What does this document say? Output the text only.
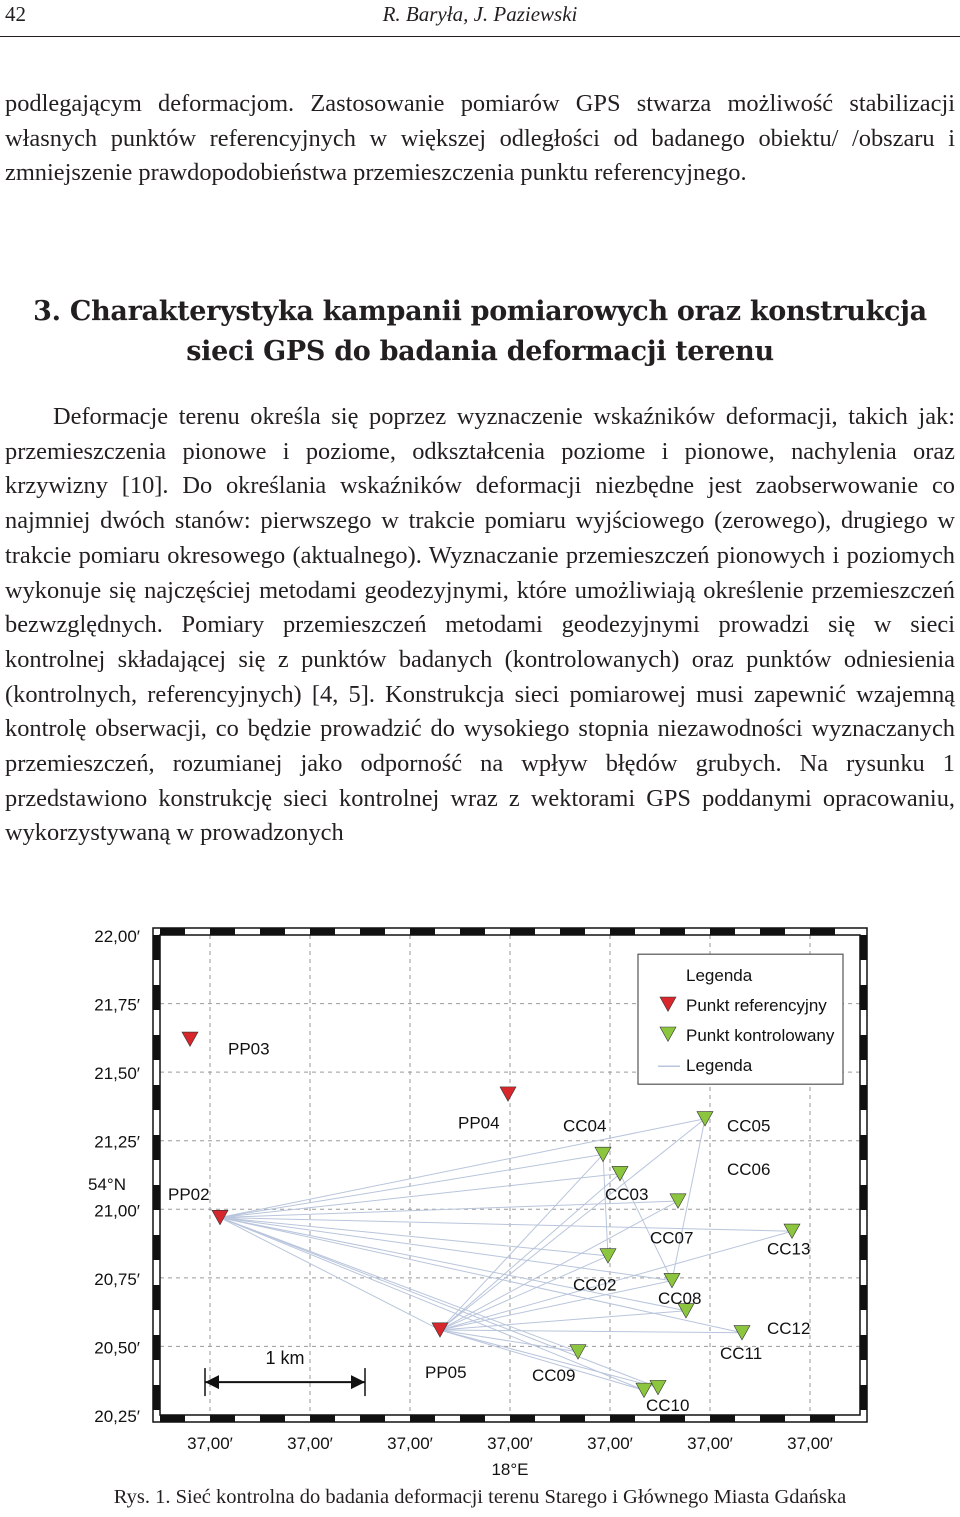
42	R. Baryła, J. Paziewski

podlegającym deformacjom. Zastosowanie pomiarów GPS stwarza możliwość stabilizacji własnych punktów referencyjnych w większej odległości od badanego obiektu/ /obszaru i zmniejszenie prawdopodobieństwa przemieszczenia punktu referencyjnego.

3. Charakterystyka kampanii pomiarowych oraz konstrukcja
sieci GPS do badania deformacji terenu

Deformacje terenu określa się poprzez wyznaczenie wskaźników deformacji, takich jak: przemieszczenia pionowe i poziome, odkształcenia poziome i pionowe, nachylenia oraz krzywizny [10]. Do określania wskaźników deformacji niezbędne jest zaobserwowanie co najmniej dwóch stanów: pierwszego w trakcie pomiaru wyjściowego (zerowego), drugiego w trakcie pomiaru okresowego (aktualnego). Wyznaczanie przemieszczeń pionowych i poziomych wykonuje się najczęściej metodami geodezyjnymi, które umożliwiają określenie przemieszczeń bezwzględnych. Pomiary przemieszczeń metodami geodezyjnymi prowadzi się w sieci kontrolnej składającej się z punktów badanych (kontrolowanych) oraz punktów odniesienia (kontrolnych, referencyjnych) [4, 5]. Konstrukcja sieci pomiarowej musi zapewnić wzajemną kontrolę obserwacji, co będzie prowadzić do wysokiego stopnia niezawodności wyznaczanych przemieszczeń, rozumianej jako odporność na wpływ błędów grubych. Na rysunku 1 przedstawiono konstrukcję sieci kontrolnej wraz z wektorami GPS poddanymi opracowaniu, wykorzystywaną w prowadzonych

22,00′
21,75′
21,50′
21,25′
21,00′
20,75′
20,50′
20,25′
37,00′	37,00′	37,00′	37,00′	37,00′	37,00′	37,00′
54°N
18°E
PP03
PP04
PP02
PP05
CC05
CC04
CC06
CC03
CC07
CC13
CC02
CC08
CC12
CC11
CC09
CC10
Legenda
Punkt referencyjny
Punkt kontrolowany
Legenda
1 km
Rys. 1. Sieć kontrolna do badania deformacji terenu Starego i Głównego Miasta Gdańska
